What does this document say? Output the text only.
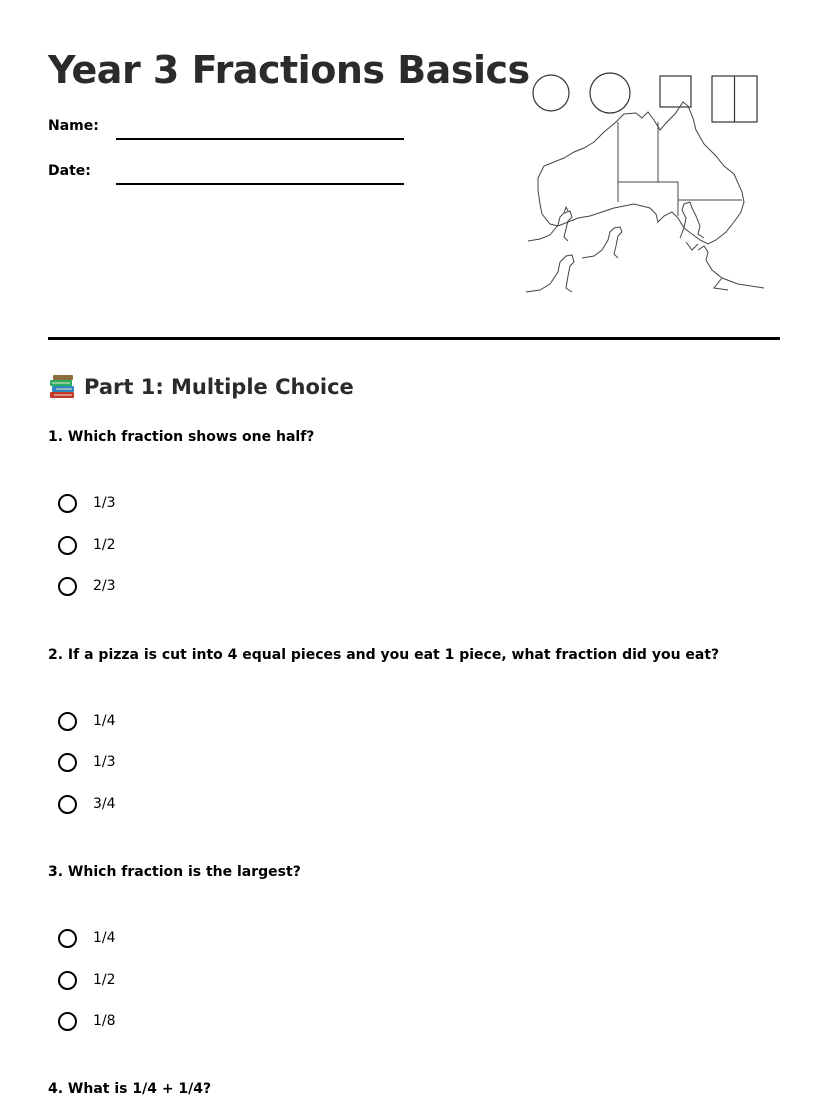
Year 3 Fractions Basics
Name:
Date:
Part 1: Multiple Choice
1. Which fraction shows one half?
1/3
1/2
2/3
2. If a pizza is cut into 4 equal pieces and you eat 1 piece, what fraction did you eat?
1/4
1/3
3/4
3. Which fraction is the largest?
1/4
1/2
1/8
4. What is 1/4 + 1/4?
